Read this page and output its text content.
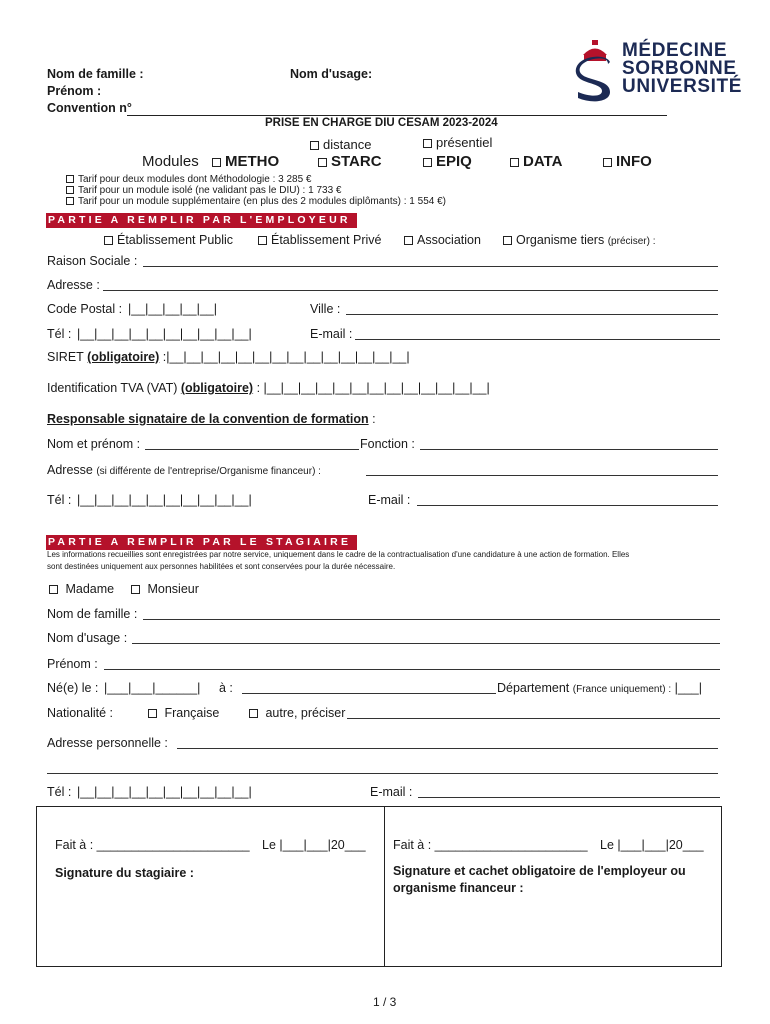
Nom de famille :	Nom d'usage:
Prénom :
Convention n°
MÉDECINE
SORBONNE
UNIVERSITÉ
PRISE EN CHARGE DIU CESAM 2023-2024
distance	présentiel
Modules	METHO	STARC	EPIQ	DATA	INFO
Tarif pour deux modules dont Méthodologie : 3 285 €
Tarif pour un module isolé (ne validant pas le DIU) : 1 733 €
Tarif pour un module supplémentaire (en plus des 2 modules diplômants) : 1 554 €)
PARTIE A REMPLIR PAR L'EMPLOYEUR
Établissement Public	Établissement Privé	Association	Organisme tiers (préciser) :
Raison Sociale :
Adresse :
Code Postal : |__|__|__|__|__|	Ville :
Tél : |__|__|__|__|__|__|__|__|__|__|	E-mail :
SIRET (obligatoire) :|__|__|__|__|__|__|__|__|__|__|__|__|__|__|
Identification TVA (VAT) (obligatoire) : |__|__|__|__|__|__|__|__|__|__|__|__|__|
Responsable signataire de la convention de formation :
Nom et prénom :	Fonction :
Adresse (si différente de l'entreprise/Organisme financeur) :
Tél : |__|__|__|__|__|__|__|__|__|__|	E-mail :
PARTIE A REMPLIR PAR LE STAGIAIRE
Les informations recueillies sont enregistrées par notre service, uniquement dans le cadre de la contractualisation d'une candidature à une action de formation. Elles
sont destinées uniquement aux personnes habilitées et sont conservées pour la durée nécessaire.
Madame	Monsieur
Nom de famille :
Nom d'usage :
Prénom :
Né(e) le : |___|___|______| à :	Département (France uniquement) : |___|
Nationalité :	Française	autre, préciser
Adresse personnelle :
Tél : |__|__|__|__|__|__|__|__|__|__|	E-mail :
Fait à : ______________________ Le |___|___|20___
Signature du stagiaire :
Fait à : ______________________ Le |___|___|20___
Signature et cachet obligatoire de l'employeur ou
organisme financeur :
1 / 3
